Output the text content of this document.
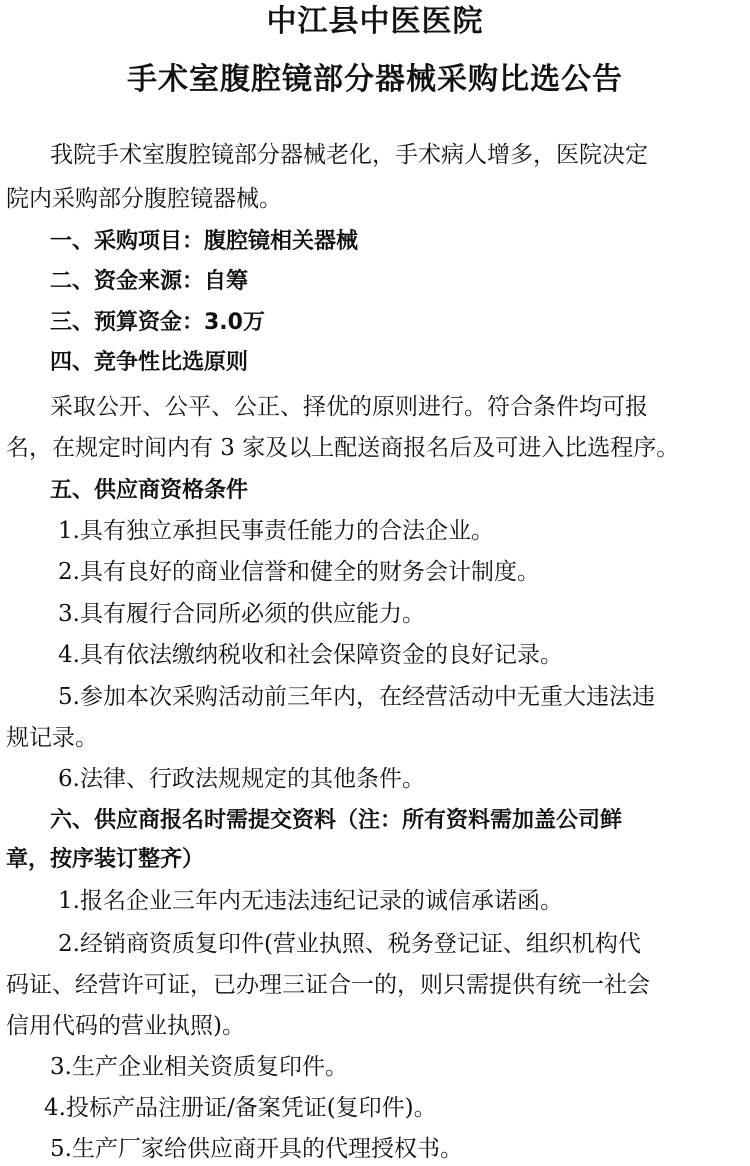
中江县中医医院
手术室腹腔镜部分器械采购比选公告
我院手术室腹腔镜部分器械老化，手术病人增多，医院决定
院内采购部分腹腔镜器械。
一、采购项目：腹腔镜相关器械
二、资金来源：自筹
三、预算资金：3.0万
四、竞争性比选原则
采取公开、公平、公正、择优的原则进行。符合条件均可报
名，在规定时间内有 3 家及以上配送商报名后及可进入比选程序。
五、供应商资格条件
1.具有独立承担民事责任能力的合法企业。
2.具有良好的商业信誉和健全的财务会计制度。
3.具有履行合同所必须的供应能力。
4.具有依法缴纳税收和社会保障资金的良好记录。
5.参加本次采购活动前三年内，在经营活动中无重大违法违
规记录。
6.法律、行政法规规定的其他条件。
六、供应商报名时需提交资料（注：所有资料需加盖公司鲜
章，按序装订整齐）
1.报名企业三年内无违法违纪记录的诚信承诺函。
2.经销商资质复印件(营业执照、税务登记证、组织机构代
码证、经营许可证，已办理三证合一的，则只需提供有统一社会
信用代码的营业执照)。
3.生产企业相关资质复印件。
4.投标产品注册证/备案凭证(复印件)。
5.生产厂家给供应商开具的代理授权书。
